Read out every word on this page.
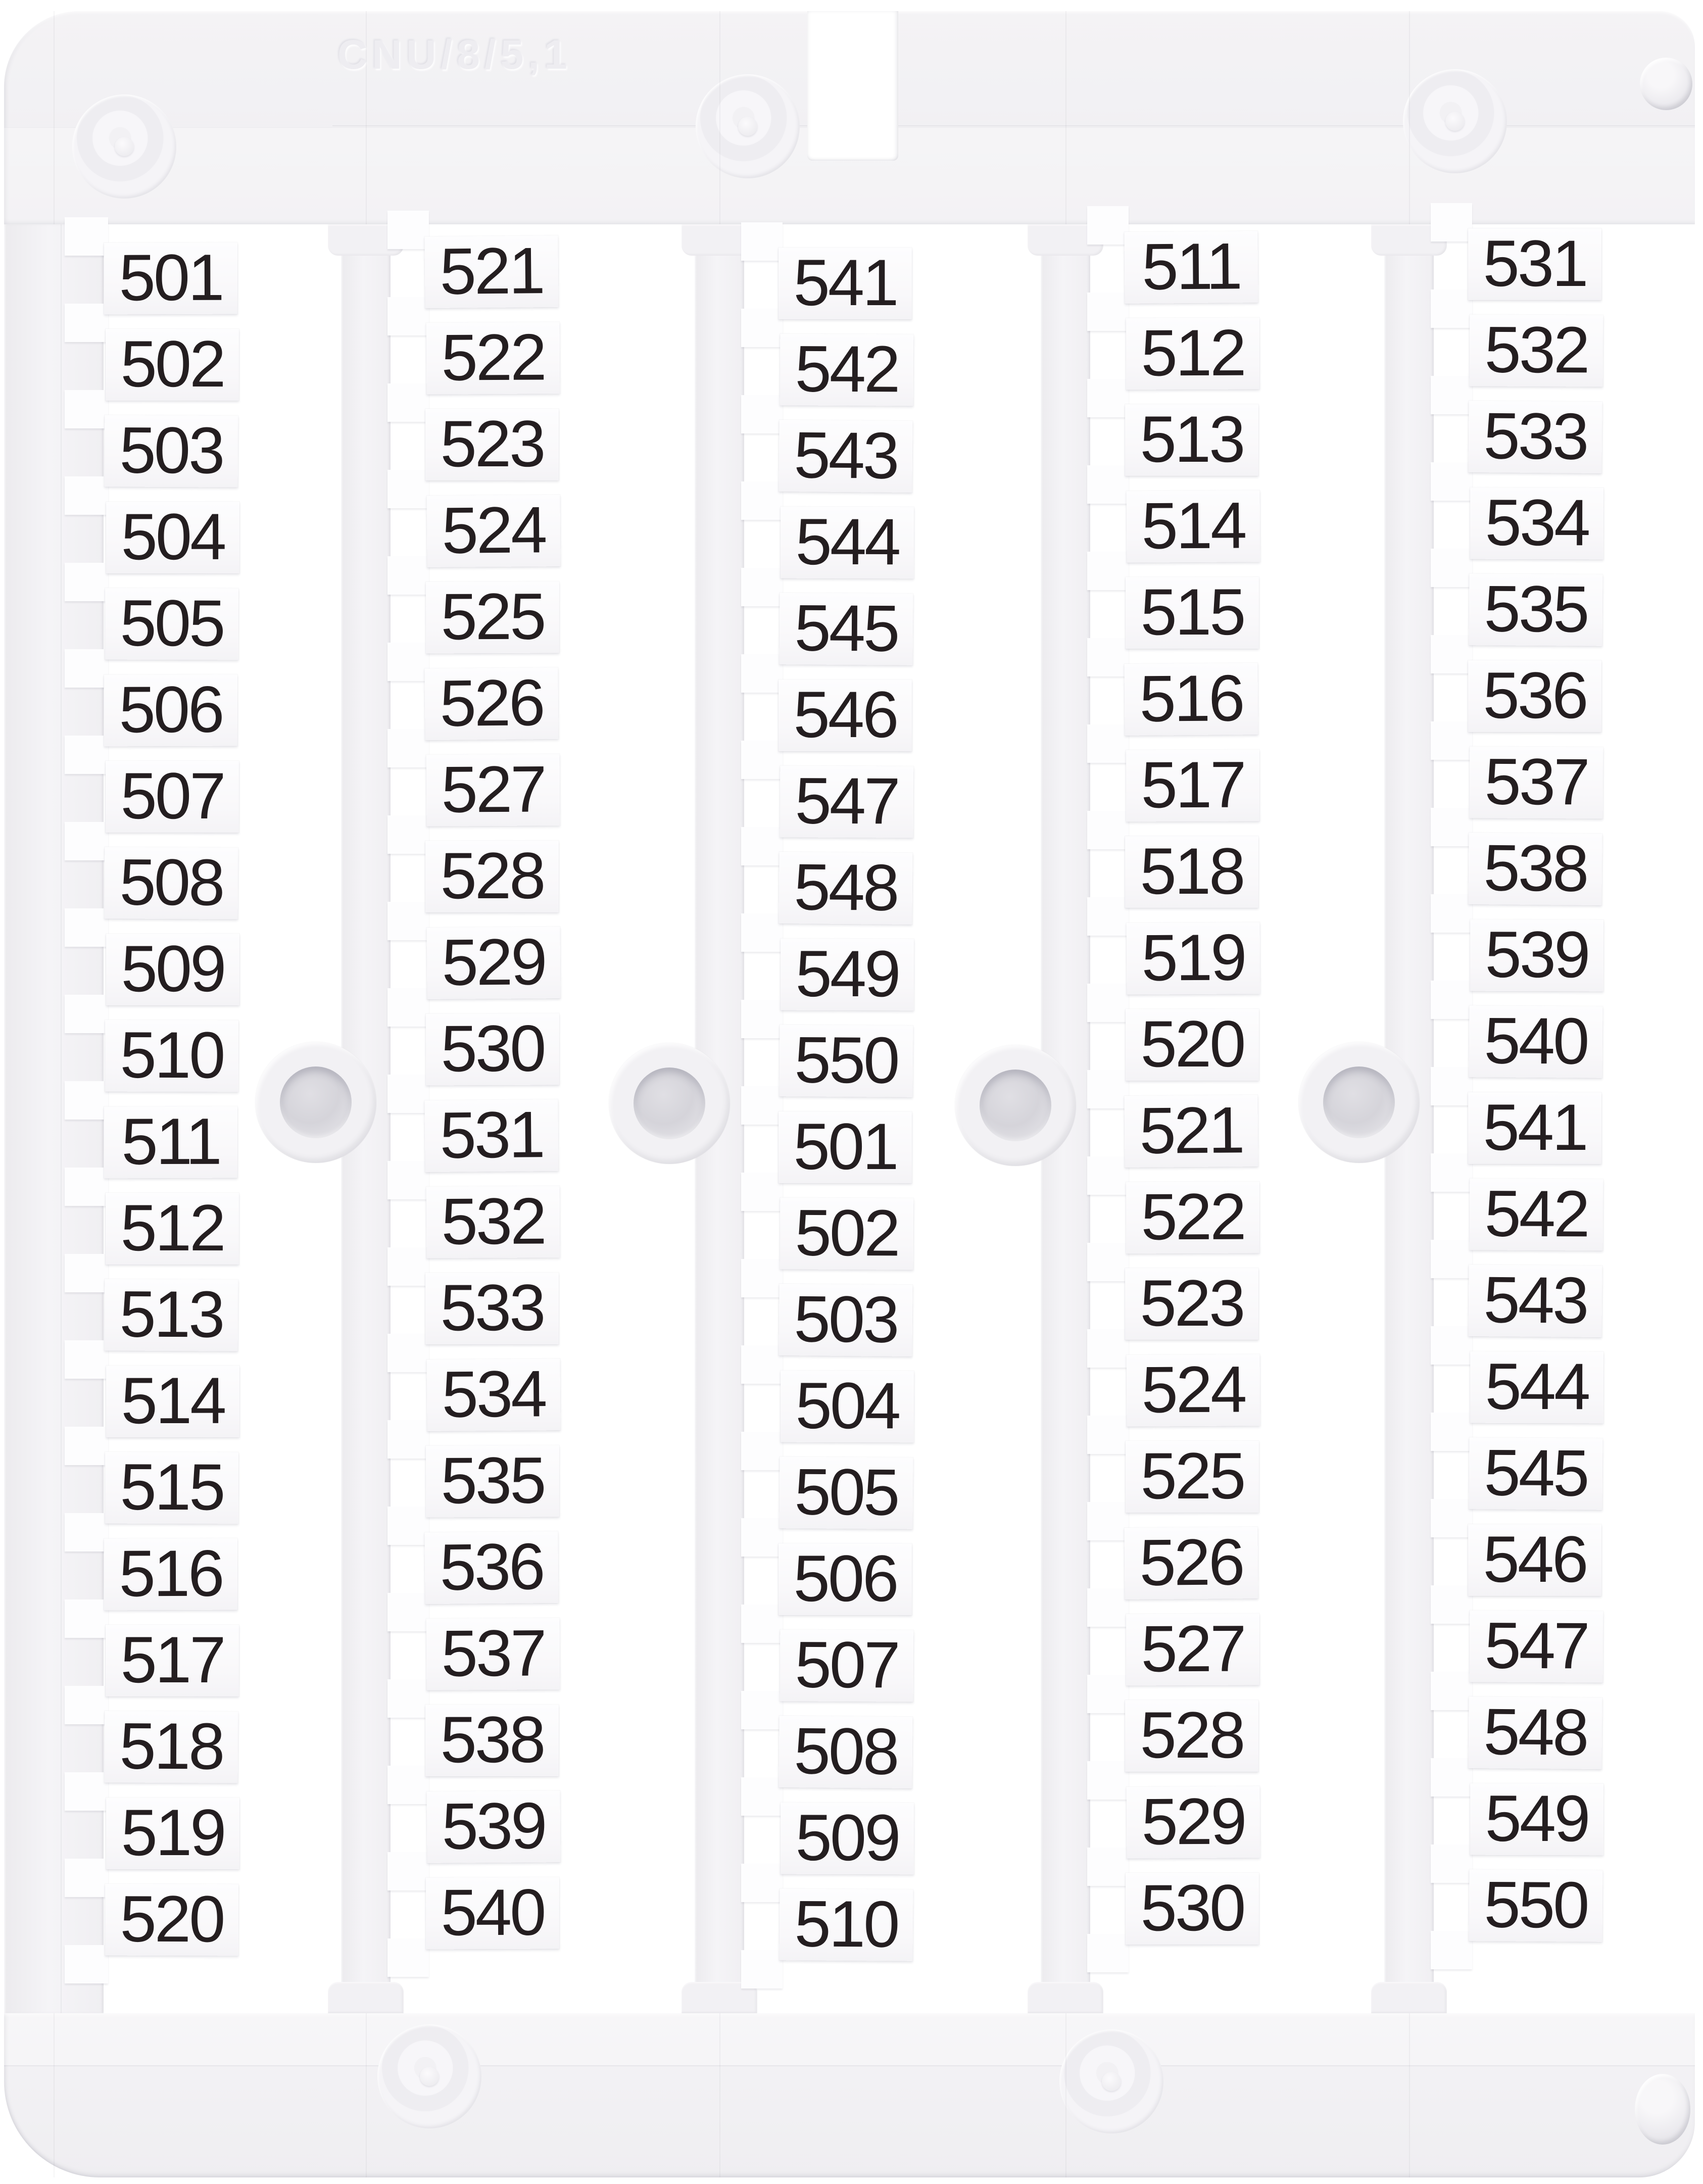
CNU/8/5,1
501
502
503
504
505
506
507
508
509
510
511
512
513
514
515
516
517
518
519
520
521
522
523
524
525
526
527
528
529
530
531
532
533
534
535
536
537
538
539
540
541
542
543
544
545
546
547
548
549
550
501
502
503
504
505
506
507
508
509
510
511
512
513
514
515
516
517
518
519
520
521
522
523
524
525
526
527
528
529
530
531
532
533
534
535
536
537
538
539
540
541
542
543
544
545
546
547
548
549
550
